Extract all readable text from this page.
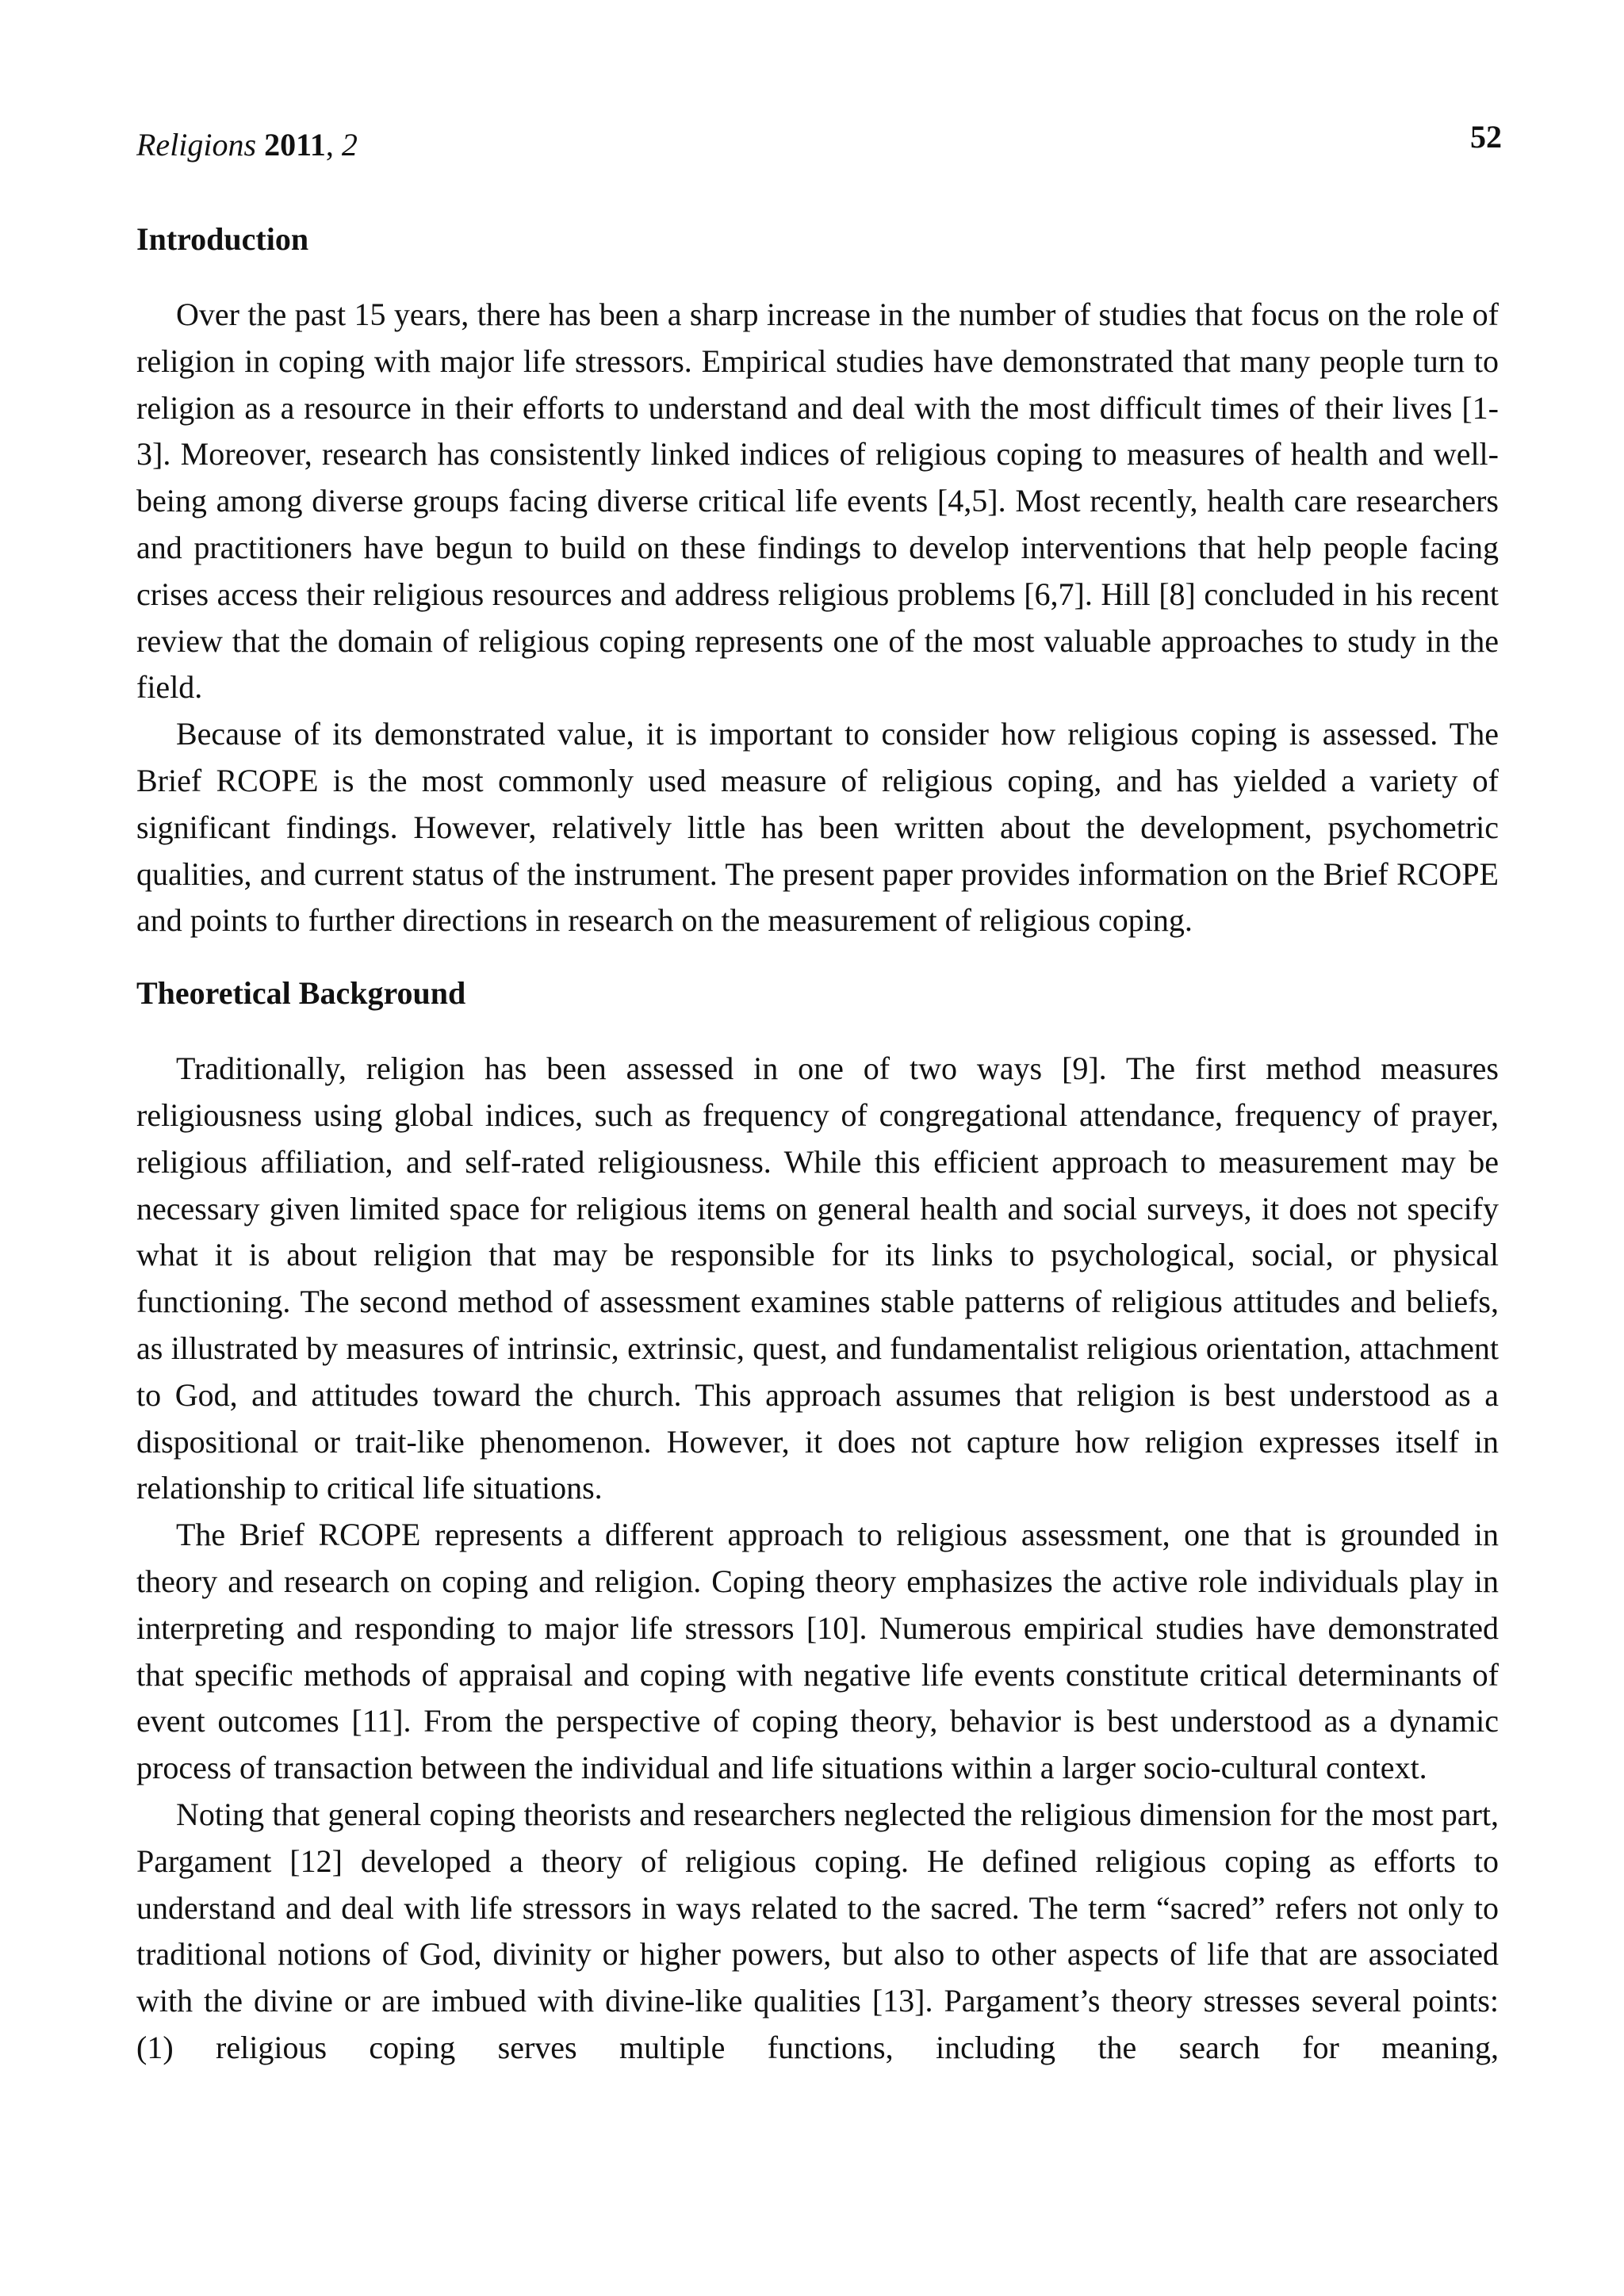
Religions 2011, 2	52
Introduction

Over the past 15 years, there has been a sharp increase in the number of studies that focus on the role of religion in coping with major life stressors. Empirical studies have demonstrated that many people turn to religion as a resource in their efforts to understand and deal with the most difficult times of their lives [1-3]. Moreover, research has consistently linked indices of religious coping to measures of health and well-being among diverse groups facing diverse critical life events [4,5]. Most recently, health care researchers and practitioners have begun to build on these findings to develop interventions that help people facing crises access their religious resources and address religious problems [6,7]. Hill [8] concluded in his recent review that the domain of religious coping represents one of the most valuable approaches to study in the field.

Because of its demonstrated value, it is important to consider how religious coping is assessed. The Brief RCOPE is the most commonly used measure of religious coping, and has yielded a variety of significant findings. However, relatively little has been written about the development, psychometric qualities, and current status of the instrument. The present paper provides information on the Brief RCOPE and points to further directions in research on the measurement of religious coping.

Theoretical Background

Traditionally, religion has been assessed in one of two ways [9]. The first method measures religiousness using global indices, such as frequency of congregational attendance, frequency of prayer, religious affiliation, and self-rated religiousness. While this efficient approach to measurement may be necessary given limited space for religious items on general health and social surveys, it does not specify what it is about religion that may be responsible for its links to psychological, social, or physical functioning. The second method of assessment examines stable patterns of religious attitudes and beliefs, as illustrated by measures of intrinsic, extrinsic, quest, and fundamentalist religious orientation, attachment to God, and attitudes toward the church. This approach assumes that religion is best understood as a dispositional or trait-like phenomenon. However, it does not capture how religion expresses itself in relationship to critical life situations.

The Brief RCOPE represents a different approach to religious assessment, one that is grounded in theory and research on coping and religion. Coping theory emphasizes the active role individuals play in interpreting and responding to major life stressors [10]. Numerous empirical studies have demonstrated that specific methods of appraisal and coping with negative life events constitute critical determinants of event outcomes [11]. From the perspective of coping theory, behavior is best understood as a dynamic process of transaction between the individual and life situations within a larger socio-cultural context.

Noting that general coping theorists and researchers neglected the religious dimension for the most part, Pargament [12] developed a theory of religious coping. He defined religious coping as efforts to understand and deal with life stressors in ways related to the sacred. The term “sacred” refers not only to traditional notions of God, divinity or higher powers, but also to other aspects of life that are associated with the divine or are imbued with divine-like qualities [13]. Pargament’s theory stresses several points: (1) religious coping serves multiple functions, including the search for meaning,
